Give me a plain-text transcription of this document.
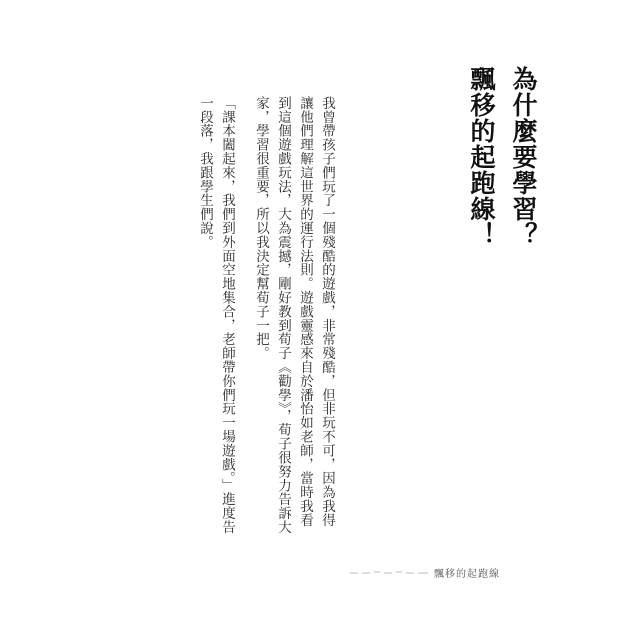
為什麼要學習？
飄移的起跑線！

我曾帶孩子們玩了一個殘酷的遊戲，非常殘酷，但非玩不可，因為我得讓他們理解這世界的運行法則。遊戲靈感來自於潘怡如老師，當時我看到這個遊戲玩法，大為震撼，剛好教到荀子《勸學》，荀子很努力告訴大家，學習很重要，所以我決定幫荀子一把。

「課本闔起來，我們到外面空地集合，老師帶你們玩一場遊戲。」進度告一段落，我跟學生們說。

飄移的起跑線
